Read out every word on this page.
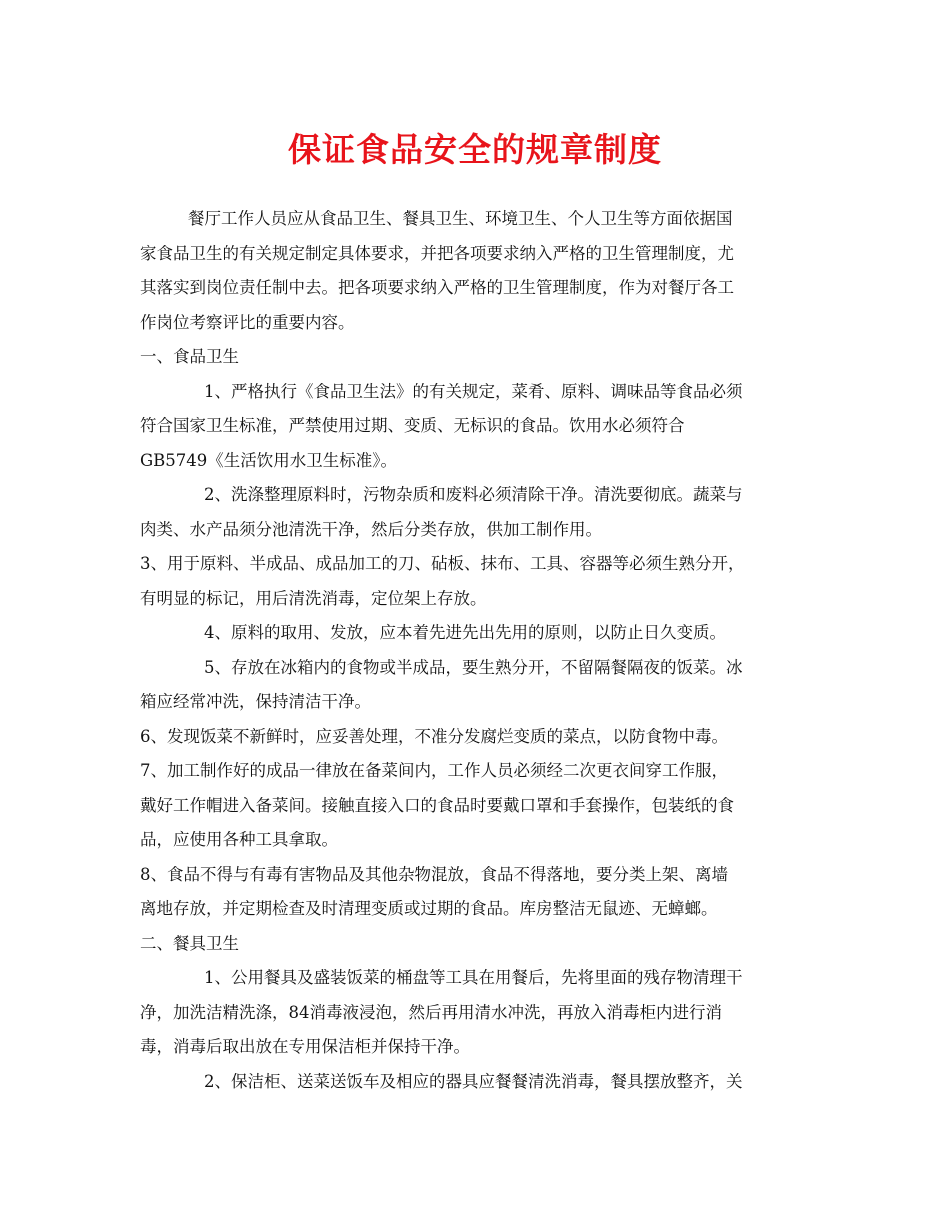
保证食品安全的规章制度
餐厅工作人员应从食品卫生、餐具卫生、环境卫生、个人卫生等方面依据国
家食品卫生的有关规定制定具体要求，并把各项要求纳入严格的卫生管理制度，尤
其落实到岗位责任制中去。把各项要求纳入严格的卫生管理制度，作为对餐厅各工
作岗位考察评比的重要内容。
一、食品卫生
1、严格执行《食品卫生法》的有关规定，菜肴、原料、调味品等食品必须
符合国家卫生标准，严禁使用过期、变质、无标识的食品。饮用水必须符合
GB5749《生活饮用水卫生标准》。
2、洗涤整理原料时，污物杂质和废料必须清除干净。清洗要彻底。蔬菜与
肉类、水产品须分池清洗干净，然后分类存放，供加工制作用。
3、用于原料、半成品、成品加工的刀、砧板、抹布、工具、容器等必须生熟分开，
有明显的标记，用后清洗消毒，定位架上存放。
4、原料的取用、发放，应本着先进先出先用的原则，以防止日久变质。
5、存放在冰箱内的食物或半成品，要生熟分开，不留隔餐隔夜的饭菜。冰
箱应经常冲洗，保持清洁干净。
6、发现饭菜不新鲜时，应妥善处理，不准分发腐烂变质的菜点，以防食物中毒。
7、加工制作好的成品一律放在备菜间内，工作人员必须经二次更衣间穿工作服，
戴好工作帽进入备菜间。接触直接入口的食品时要戴口罩和手套操作，包装纸的食
品，应使用各种工具拿取。
8、食品不得与有毒有害物品及其他杂物混放，食品不得落地，要分类上架、离墙
离地存放，并定期检查及时清理变质或过期的食品。库房整洁无鼠迹、无蟑螂。
二、餐具卫生
1、公用餐具及盛装饭菜的桶盘等工具在用餐后，先将里面的残存物清理干
净，加洗洁精洗涤，84消毒液浸泡，然后再用清水冲洗，再放入消毒柜内进行消
毒，消毒后取出放在专用保洁柜并保持干净。
2、保洁柜、送菜送饭车及相应的器具应餐餐清洗消毒，餐具摆放整齐，关
